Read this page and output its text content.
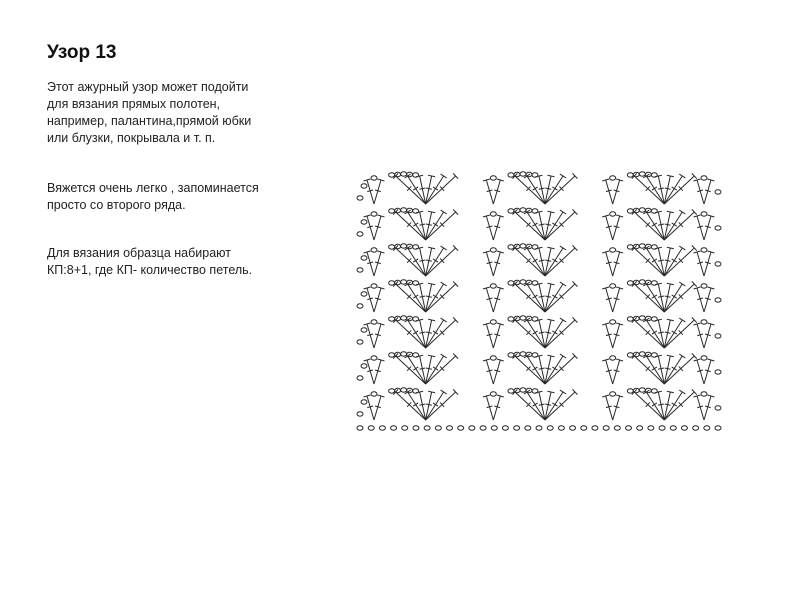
Узор 13
Этот ажурный узор может подойти
для вязания прямых полотен,
например, палантина,прямой юбки
или блузки, покрывала и т. п.
Вяжется очень легко , запоминается
просто со второго ряда.
Для вязания образца набирают
КП:8+1, где КП- количество петель.
